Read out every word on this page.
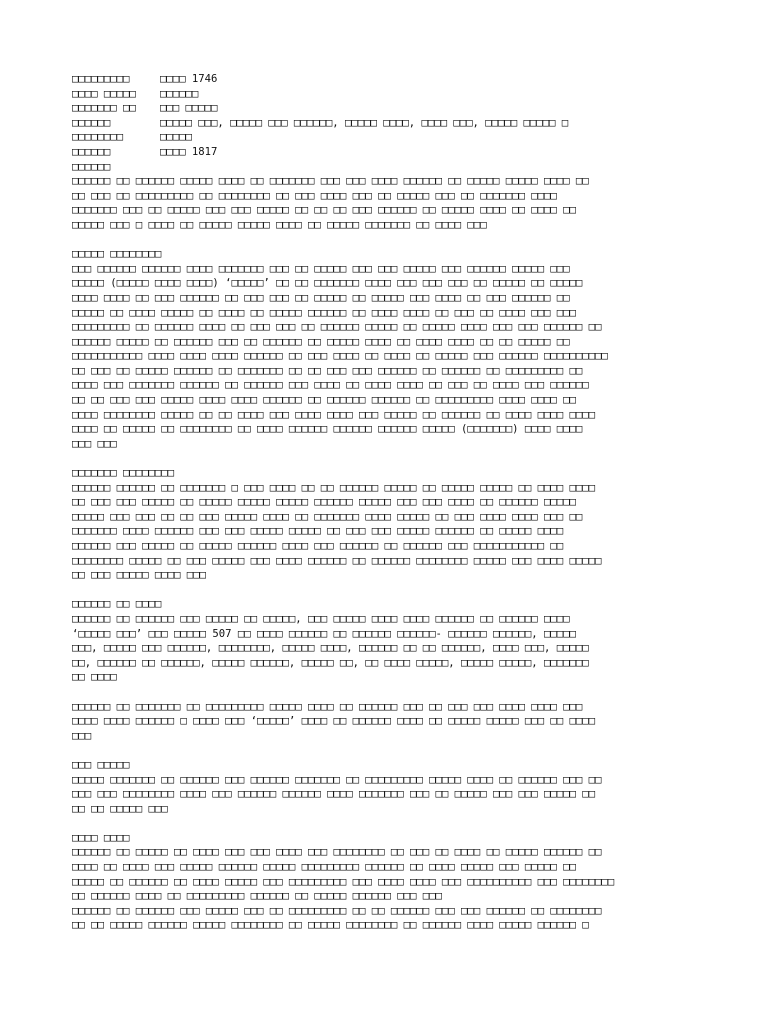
□□□□□□□□□	□□□□ 1746
□□□□ □□□□□	□□□□□□
□□□□□□□ □□	□□□ □□□□□
□□□□□□	□□□□□ □□□, □□□□□ □□□ □□□□□□, □□□□□ □□□□, □□□□ □□□, □□□□□ □□□□□ □
□□□□□□□□	□□□□□
□□□□□□	□□□□ 1817
□□□□□□
□□□□□□ □□ □□□□□□ □□□□□ □□□□ □□ □□□□□□□ □□□ □□□ □□□□ □□□□□□ □□ □□□□□ □□□□□ □□□□ □□
□□ □□□ □□ □□□□□□□□□ □□ □□□□□□□□ □□ □□□ □□□□ □□□ □□ □□□□□ □□□ □□ □□□□□□□ □□□□
□□□□□□□ □□□ □□ □□□□□ □□□ □□□ □□□□□ □□ □□ □□ □□□ □□□□□□ □□ □□□□□ □□□□ □□ □□□□ □□
□□□□□ □□□ □ □□□□ □□ □□□□□ □□□□□ □□□□ □□ □□□□□ □□□□□□□ □□ □□□□ □□□
□□□□□ □□□□□□□□
□□□ □□□□□□ □□□□□□ □□□□ □□□□□□□ □□□ □□ □□□□□ □□□ □□□ □□□□□ □□□ □□□□□□ □□□□□ □□□
□□□□□ (□□□□□ □□□□ □□□□) ‘□□□□□’ □□ □□ □□□□□□□ □□□□ □□□ □□□ □□□ □□ □□□□□ □□ □□□□□
□□□□ □□□□ □□ □□□ □□□□□□ □□ □□□ □□□ □□ □□□□□ □□ □□□□□ □□□ □□□□ □□ □□□ □□□□□□ □□
□□□□□ □□ □□□□ □□□□□ □□ □□□□ □□ □□□□□ □□□□□□ □□ □□□□ □□□□ □□ □□□ □□ □□□□ □□□ □□□
□□□□□□□□□ □□ □□□□□□ □□□□ □□ □□□ □□□ □□ □□□□□□ □□□□□ □□ □□□□□ □□□□ □□□ □□□ □□□□□□ □□
□□□□□□ □□□□□ □□ □□□□□□ □□□ □□ □□□□□□ □□ □□□□□ □□□□ □□ □□□□ □□□□ □□ □□ □□□□□ □□
□□□□□□□□□□□ □□□□ □□□□ □□□□ □□□□□□ □□ □□□ □□□□ □□ □□□□ □□ □□□□□ □□□ □□□□□□ □□□□□□□□□□
□□ □□□ □□ □□□□□ □□□□□□ □□ □□□□□□□ □□ □□ □□□ □□□ □□□□□□ □□ □□□□□□ □□ □□□□□□□□□ □□
□□□□ □□□ □□□□□□□ □□□□□□ □□ □□□□□□ □□□ □□□□ □□ □□□□ □□□□ □□ □□□ □□ □□□□ □□□ □□□□□□
□□ □□ □□□ □□□ □□□□□ □□□□ □□□□ □□□□□□ □□ □□□□□□ □□□□□□ □□ □□□□□□□□□ □□□□ □□□□ □□
□□□□ □□□□□□□□ □□□□□ □□ □□ □□□□ □□□ □□□□ □□□□ □□□ □□□□□ □□ □□□□□□ □□ □□□□ □□□□ □□□□
□□□□ □□ □□□□□ □□ □□□□□□□□ □□ □□□□ □□□□□□ □□□□□□ □□□□□□ □□□□□ (□□□□□□□) □□□□ □□□□
□□□ □□□
□□□□□□□ □□□□□□□□
□□□□□□ □□□□□□ □□ □□□□□□□ □ □□□ □□□□ □□ □□ □□□□□□ □□□□□ □□ □□□□□ □□□□□ □□ □□□□ □□□□
□□ □□□ □□□ □□□□□ □□ □□□□□ □□□□□ □□□□□ □□□□□□ □□□□□ □□□ □□□ □□□□ □□ □□□□□□ □□□□□
□□□□□ □□□ □□□ □□ □□ □□□ □□□□□ □□□□ □□ □□□□□□□ □□□□ □□□□□ □□ □□□ □□□□ □□□□ □□□ □□
□□□□□□□ □□□□ □□□□□□ □□□ □□□ □□□□□ □□□□□ □□ □□□ □□□ □□□□□ □□□□□□ □□ □□□□□ □□□□
□□□□□□ □□□ □□□□□ □□ □□□□□ □□□□□□ □□□□ □□□ □□□□□□ □□ □□□□□□ □□□ □□□□□□□□□□□ □□
□□□□□□□□ □□□□□ □□ □□□ □□□□□ □□□ □□□□ □□□□□□ □□ □□□□□□ □□□□□□□□ □□□□□ □□□ □□□□ □□□□□
□□ □□□ □□□□□ □□□□ □□□
□□□□□□ □□ □□□□
□□□□□□ □□ □□□□□□ □□□ □□□□□ □□ □□□□□, □□□ □□□□□ □□□□ □□□□ □□□□□□ □□ □□□□□□ □□□□
‘□□□□□ □□□’ □□□ □□□□□ 507 □□ □□□□ □□□□□□ □□ □□□□□□ □□□□□□- □□□□□□ □□□□□□, □□□□□
□□□, □□□□□ □□□ □□□□□□, □□□□□□□□, □□□□□ □□□□, □□□□□□ □□ □□ □□□□□□, □□□□ □□□, □□□□□
□□, □□□□□□ □□ □□□□□□, □□□□□ □□□□□□, □□□□□ □□, □□ □□□□ □□□□□, □□□□□ □□□□□, □□□□□□□
□□ □□□□
□□□□□□ □□ □□□□□□□ □□ □□□□□□□□□ □□□□□ □□□□ □□ □□□□□□ □□□ □□ □□□ □□□ □□□□ □□□□ □□□
□□□□ □□□□ □□□□□□ □ □□□□ □□□ ‘□□□□□’ □□□□ □□ □□□□□□ □□□□ □□ □□□□□ □□□□□ □□□ □□ □□□□
□□□
□□□ □□□□□
□□□□□ □□□□□□□ □□ □□□□□□ □□□ □□□□□□ □□□□□□□ □□ □□□□□□□□□ □□□□□ □□□□ □□ □□□□□□ □□□ □□
□□□ □□□ □□□□□□□□ □□□□ □□□ □□□□□□ □□□□□□ □□□□ □□□□□□□ □□□ □□ □□□□□ □□□ □□□ □□□□□ □□
□□ □□ □□□□□ □□□
□□□□ □□□□
□□□□□□ □□ □□□□□ □□ □□□□ □□□ □□□ □□□□ □□□ □□□□□□□□ □□ □□□ □□ □□□□ □□ □□□□□ □□□□□□ □□
□□□□ □□ □□□□ □□□ □□□□□ □□□□□□ □□□□□ □□□□□□□□□ □□□□□□ □□ □□□□ □□□□□ □□□ □□□□□ □□
□□□□□ □□ □□□□□□ □□ □□□□ □□□□□ □□□ □□□□□□□□□ □□□ □□□□ □□□□ □□□ □□□□□□□□□□ □□□ □□□□□□□□
□□ □□□□□□ □□□□ □□ □□□□□□□□□ □□□□□□ □□ □□□□□ □□□□□□ □□□ □□□
□□□□□□ □□ □□□□□□ □□□ □□□□□ □□□ □□ □□□□□□□□□ □□ □□ □□□□□□ □□□ □□□ □□□□□□ □□ □□□□□□□□
□□ □□ □□□□□ □□□□□□ □□□□□ □□□□□□□□ □□ □□□□□ □□□□□□□□ □□ □□□□□□ □□□□ □□□□□ □□□□□□ □
